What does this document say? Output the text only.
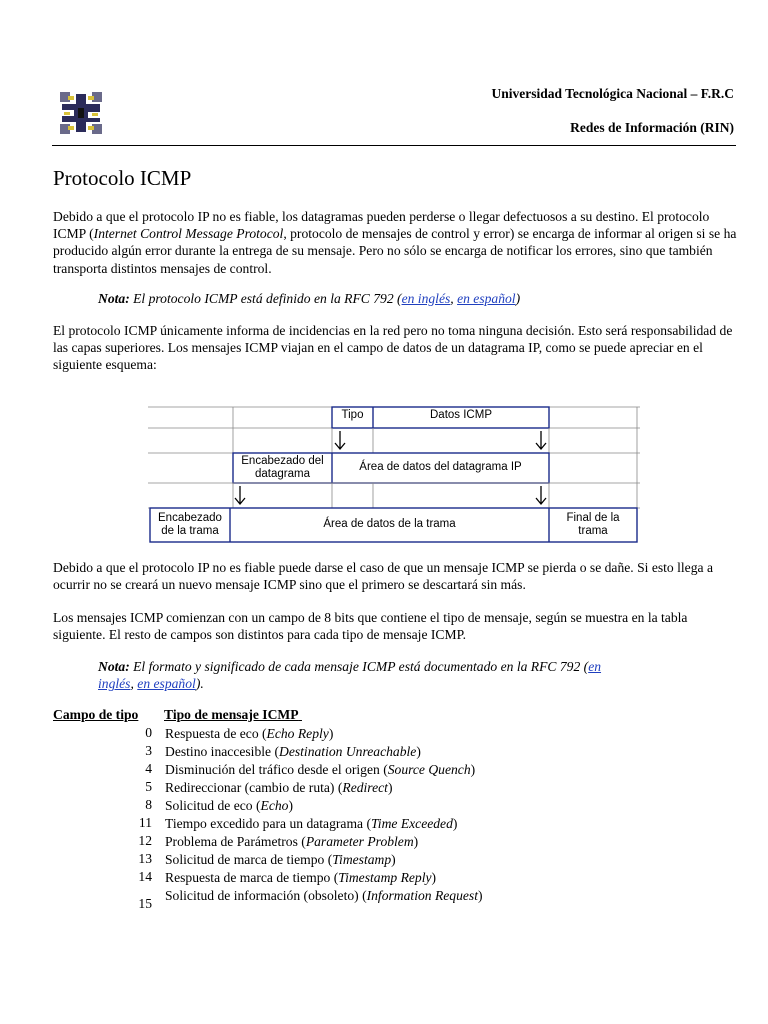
Universidad Tecnológica Nacional – F.R.C
Redes de Información (RIN)
Protocolo ICMP
Debido a que el protocolo IP no es fiable, los datagramas pueden perderse o llegar defectuosos a su destino. El protocolo ICMP (Internet Control Message Protocol, protocolo de mensajes de control y error) se encarga de informar al origen si se ha producido algún error durante la entrega de su mensaje. Pero no sólo se encarga de notificar los errores, sino que también transporta distintos mensajes de control.
Nota: El protocolo ICMP está definido en la RFC 792 (en inglés, en español)
El protocolo ICMP únicamente informa de incidencias en la red pero no toma ninguna decisión. Esto será responsabilidad de las capas superiores. Los mensajes ICMP viajan en el campo de datos de un datagrama IP, como se puede apreciar en el siguiente esquema:
Tipo	Datos ICMP
Encabezado del
datagrama
Área de datos del datagrama IP
Encabezado
de la trama
Área de datos de la trama	Final de la
trama
Debido a que el protocolo IP no es fiable puede darse el caso de que un mensaje ICMP se pierda o se dañe. Si esto llega a ocurrir no se creará un nuevo mensaje ICMP sino que el primero se descartará sin más.
Los mensajes ICMP comienzan con un campo de 8 bits que contiene el tipo de mensaje, según se muestra en la tabla siguiente. El resto de campos son distintos para cada tipo de mensaje ICMP.
Nota: El formato y significado de cada mensaje ICMP está documentado en la RFC 792 (en
inglés, en español).
Campo de tipo Tipo de mensaje ICMP
0 Respuesta de eco (Echo Reply)
3 Destino inaccesible (Destination Unreachable)
4 Disminución del tráfico desde el origen (Source Quench)
5 Redireccionar (cambio de ruta) (Redirect)
8 Solicitud de eco (Echo)
11 Tiempo excedido para un datagrama (Time Exceeded)
12 Problema de Parámetros (Parameter Problem)
13 Solicitud de marca de tiempo (Timestamp)
14 Respuesta de marca de tiempo (Timestamp Reply)
15
Solicitud de información (obsoleto) (Information Request)
